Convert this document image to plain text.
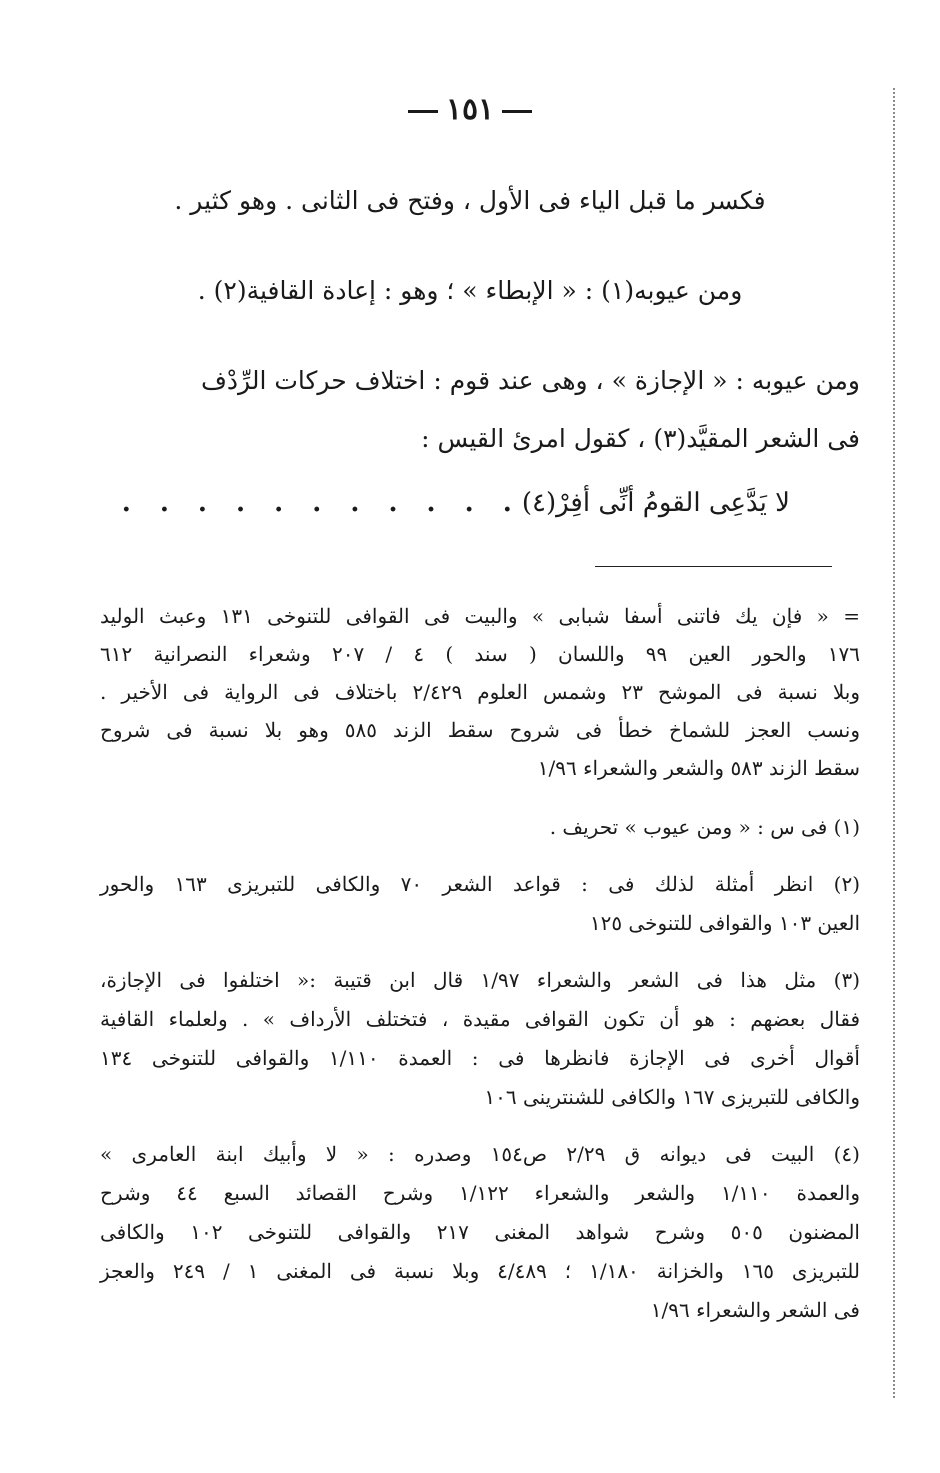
١٥١
فكسر ما قبل الياء فى الأول ، وفتح فى الثانى . وهو كثير .
ومن عيوبه(١) : « الإبطاء » ؛ وهو : إعادة القافية(٢) .
ومن عيوبه : « الإجازة » ، وهى عند قوم : اختلاف حركات الرِّدْف
فى الشعر المقيَّد(٣) ، كقول امرئ القيس :
لا يَدَّعِى القومُ أنِّى أفِرْ(٤)
. . . . . . . . . . .
= « فإن يك فاتنى أسفا شبابى » والبيت فى القوافى للتنوخى ١٣١ وعبث الوليد
١٧٦ والحور العين ٩٩ واللسان ( سند ) ٤ / ٢٠٧ وشعراء النصرانية ٦١٢
وبلا نسبة فى الموشح ٢٣ وشمس العلوم ٢/٤٢٩ باختلاف فى الرواية فى الأخير .
ونسب العجز للشماخ خطأ فى شروح سقط الزند ٥٨٥ وهو بلا نسبة فى شروح
سقط الزند ٥٨٣ والشعر والشعراء ١/٩٦
(١) فى س : « ومن عيوب » تحريف .
(٢) انظر أمثلة لذلك فى : قواعد الشعر ٧٠ والكافى للتبريزى ١٦٣ والحور
العين ١٠٣ والقوافى للتنوخى ١٢٥
(٣) مثل هذا فى الشعر والشعراء ١/٩٧ قال ابن قتيبة :« اختلفوا فى الإجازة،
فقال بعضهم : هو أن تكون القوافى مقيدة ، فتختلف الأرداف » . ولعلماء القافية
أقوال أخرى فى الإجازة فانظرها فى : العمدة ١/١١٠ والقوافى للتنوخى ١٣٤
والكافى للتبريزى ١٦٧ والكافى للشنترينى ١٠٦
(٤) البيت فى ديوانه ق ٢/٢٩ ص١٥٤ وصدره : « لا وأبيك ابنة العامرى »
والعمدة ١/١١٠ والشعر والشعراء ١/١٢٢ وشرح القصائد السبع ٤٤ وشرح
المضنون ٥٠٥ وشرح شواهد المغنى ٢١٧ والقوافى للتنوخى ١٠٢ والكافى
للتبريزى ١٦٥ والخزانة ١/١٨٠ ؛ ٤/٤٨٩ وبلا نسبة فى المغنى ١ / ٢٤٩ والعجز
فى الشعر والشعراء ١/٩٦
